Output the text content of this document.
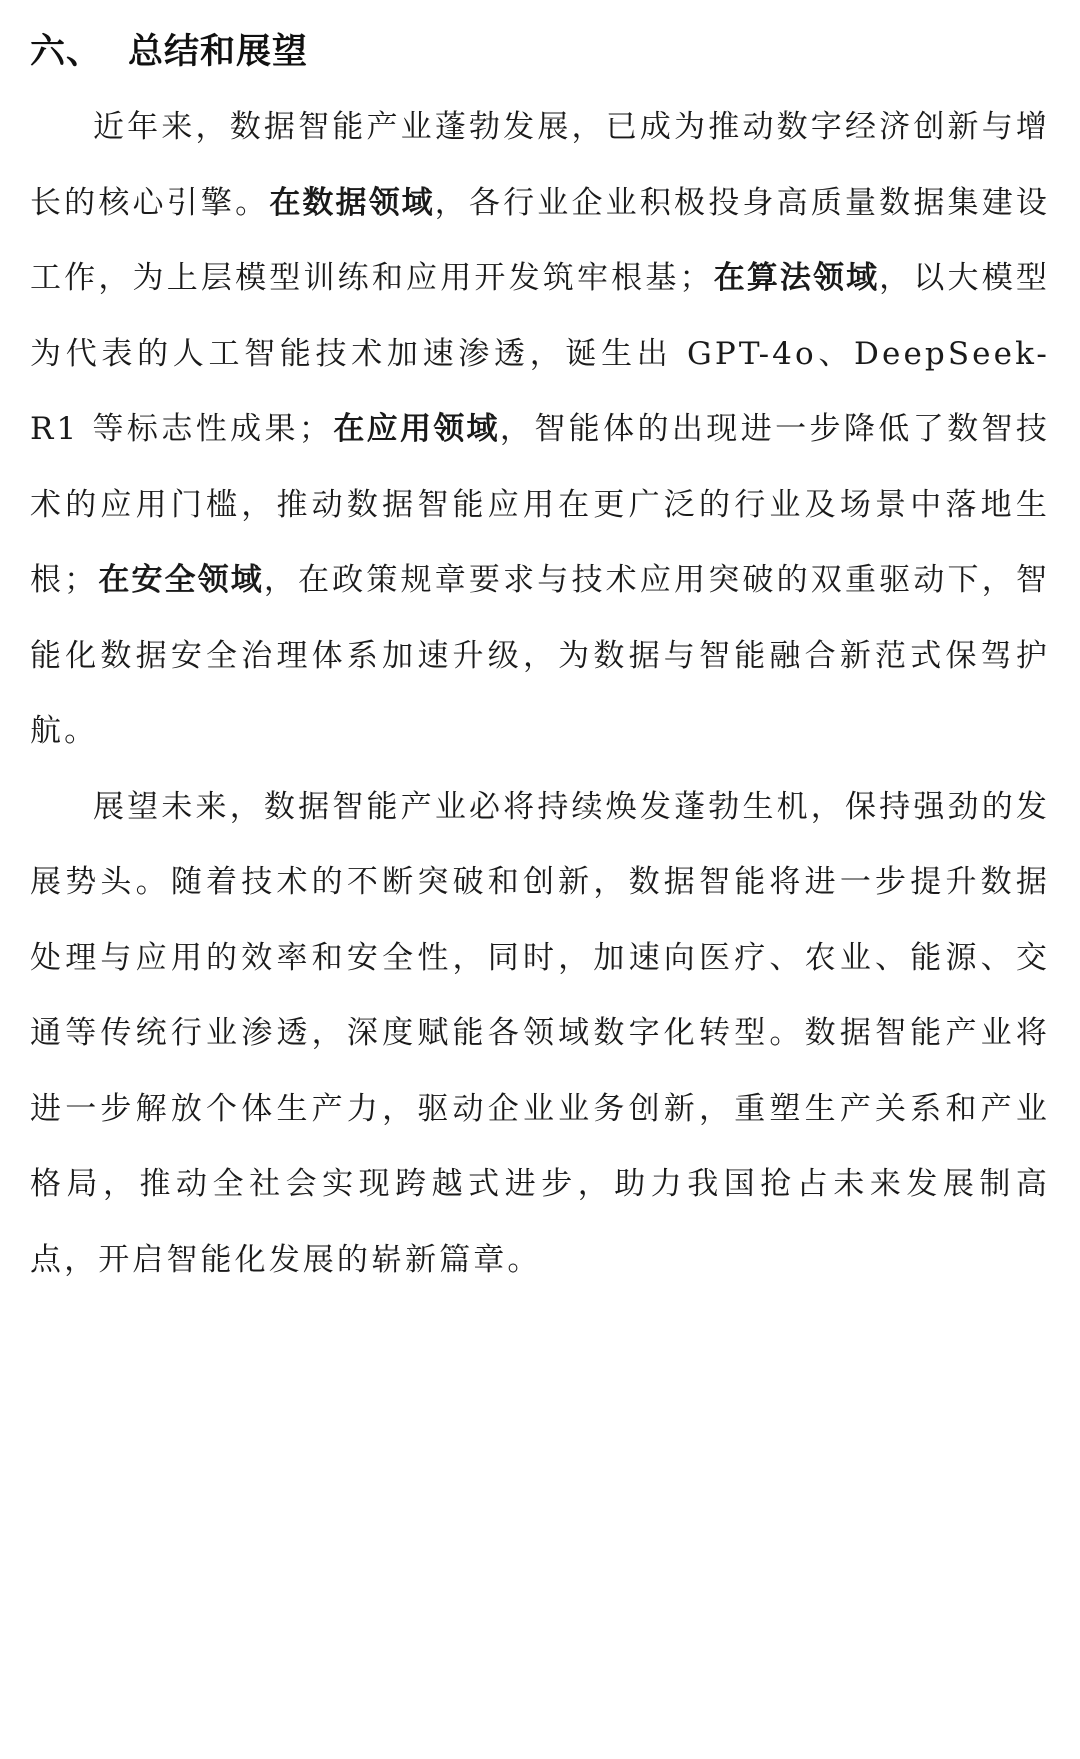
六、 总结和展望

近年来，数据智能产业蓬勃发展，已成为推动数字经济创新与增长的核心引擎。在数据领域，各行业企业积极投身高质量数据集建设工作，为上层模型训练和应用开发筑牢根基；在算法领域，以大模型为代表的人工智能技术加速渗透，诞生出 GPT-4o、DeepSeek-R1 等标志性成果；在应用领域，智能体的出现进一步降低了数智技术的应用门槛，推动数据智能应用在更广泛的行业及场景中落地生根；在安全领域，在政策规章要求与技术应用突破的双重驱动下，智能化数据安全治理体系加速升级，为数据与智能融合新范式保驾护航。

展望未来，数据智能产业必将持续焕发蓬勃生机，保持强劲的发展势头。随着技术的不断突破和创新，数据智能将进一步提升数据处理与应用的效率和安全性，同时，加速向医疗、农业、能源、交通等传统行业渗透，深度赋能各领域数字化转型。数据智能产业将进一步解放个体生产力，驱动企业业务创新，重塑生产关系和产业格局，推动全社会实现跨越式进步，助力我国抢占未来发展制高点，开启智能化发展的崭新篇章。
